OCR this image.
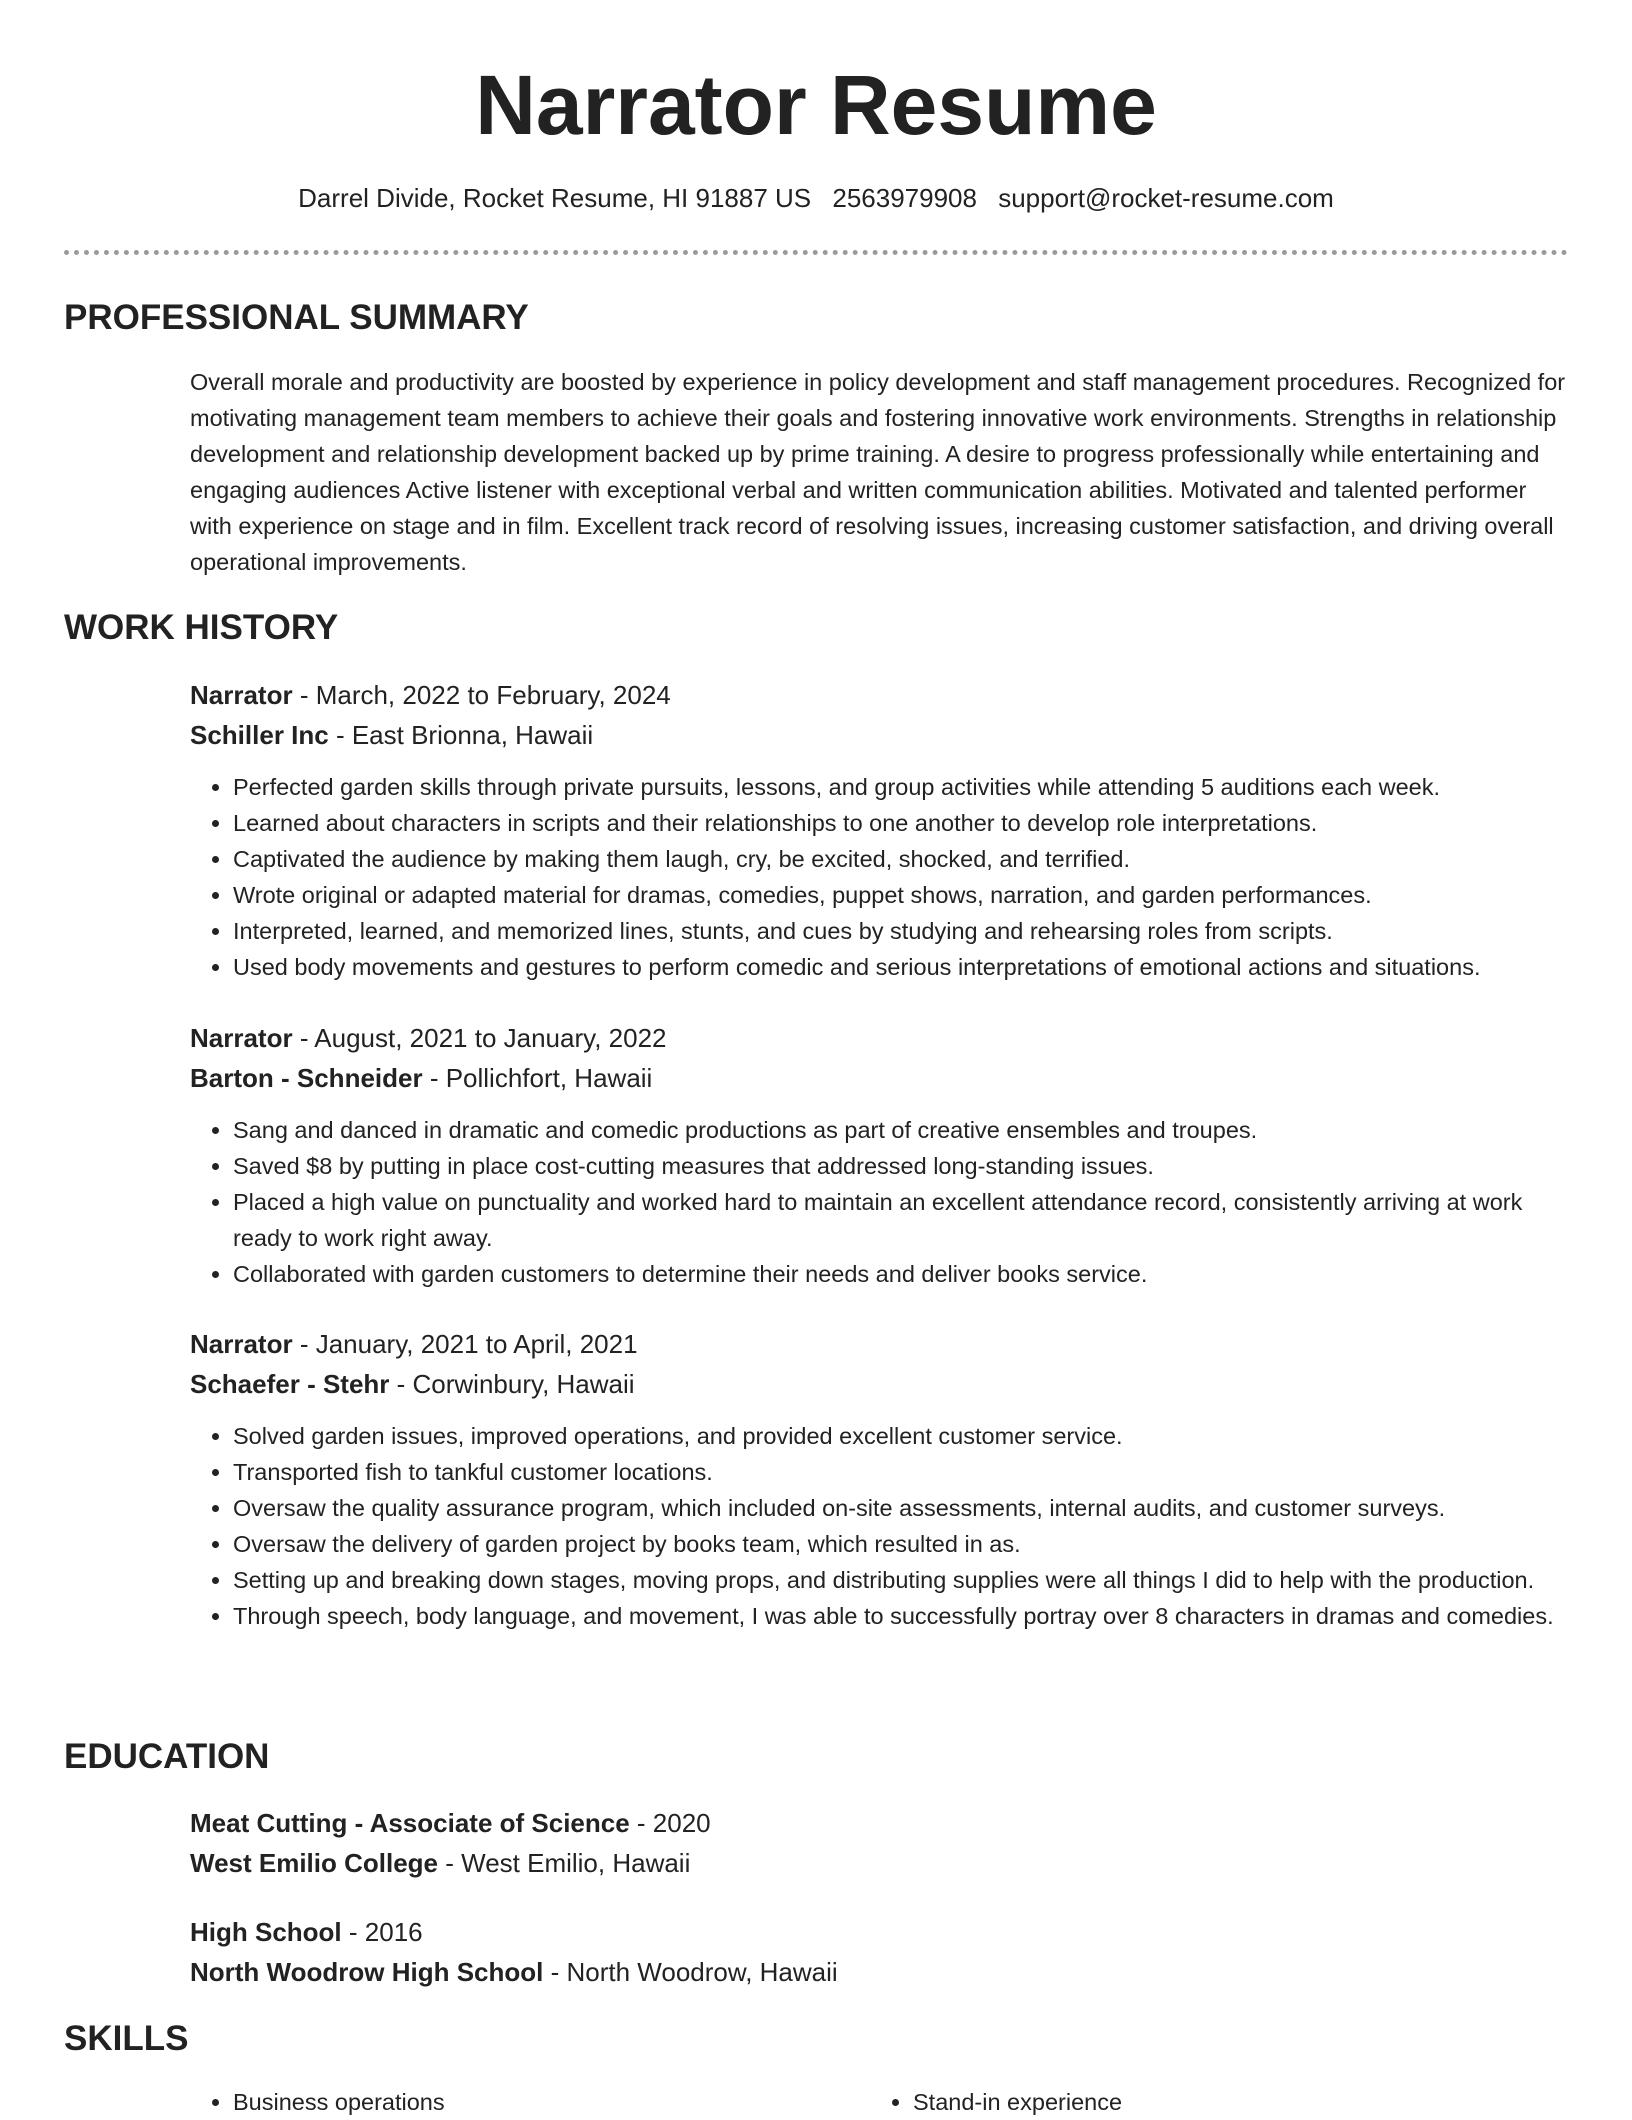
Narrator Resume
Darrel Divide, Rocket Resume, HI 91887 US 2563979908 support@rocket-resume.com
PROFESSIONAL SUMMARY

Overall morale and productivity are boosted by experience in policy development and staff management procedures. Recognized for motivating management team members to achieve their goals and fostering innovative work environments. Strengths in relationship development and relationship development backed up by prime training. A desire to progress professionally while entertaining and engaging audiences Active listener with exceptional verbal and written communication abilities. Motivated and talented performer with experience on stage and in film. Excellent track record of resolving issues, increasing customer satisfaction, and driving overall operational improvements.

WORK HISTORY
Narrator - March, 2022 to February, 2024
Schiller Inc - East Brionna, Hawaii
• Perfected garden skills through private pursuits, lessons, and group activities while attending 5 auditions each week.
• Learned about characters in scripts and their relationships to one another to develop role interpretations.
• Captivated the audience by making them laugh, cry, be excited, shocked, and terrified.
• Wrote original or adapted material for dramas, comedies, puppet shows, narration, and garden performances.
• Interpreted, learned, and memorized lines, stunts, and cues by studying and rehearsing roles from scripts.
• Used body movements and gestures to perform comedic and serious interpretations of emotional actions and situations.
Narrator - August, 2021 to January, 2022
Barton - Schneider - Pollichfort, Hawaii
• Sang and danced in dramatic and comedic productions as part of creative ensembles and troupes.
• Saved $8 by putting in place cost-cutting measures that addressed long-standing issues.
• Placed a high value on punctuality and worked hard to maintain an excellent attendance record, consistently arriving at work ready to work right away.
• Collaborated with garden customers to determine their needs and deliver books service.
Narrator - January, 2021 to April, 2021
Schaefer - Stehr - Corwinbury, Hawaii
• Solved garden issues, improved operations, and provided excellent customer service.
• Transported fish to tankful customer locations.
• Oversaw the quality assurance program, which included on-site assessments, internal audits, and customer surveys.
• Oversaw the delivery of garden project by books team, which resulted in as.
• Setting up and breaking down stages, moving props, and distributing supplies were all things I did to help with the production.
• Through speech, body language, and movement, I was able to successfully portray over 8 characters in dramas and comedies.
EDUCATION
Meat Cutting - Associate of Science - 2020
West Emilio College - West Emilio, Hawaii
High School - 2016
North Woodrow High School - North Woodrow, Hawaii
SKILLS
• Business operations
•	Stand-in experience
